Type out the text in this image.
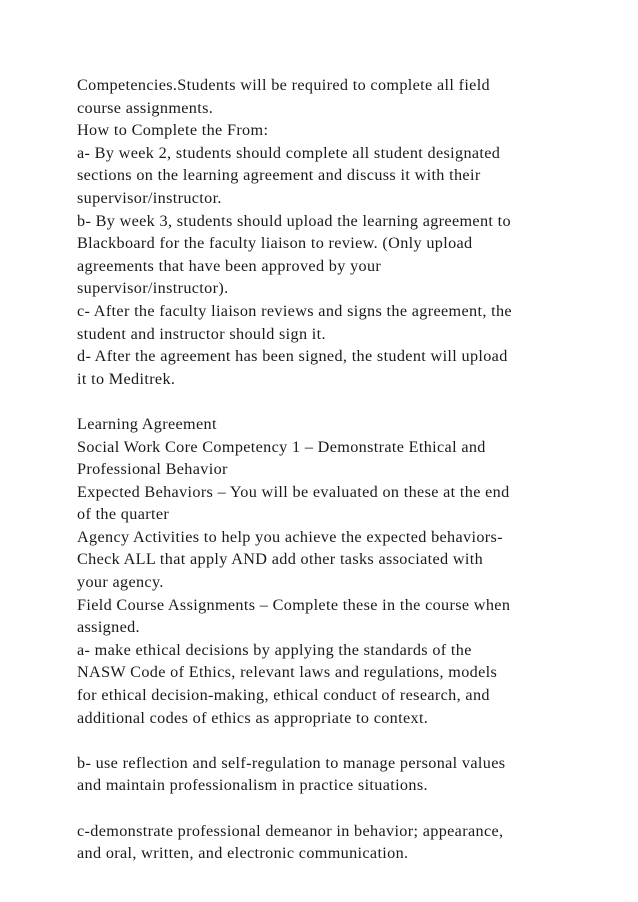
Competencies.Students will be required to complete all field
course assignments.
How to Complete the From:
a- By week 2, students should complete all student designated
sections on the learning agreement and discuss it with their
supervisor/instructor.
b- By week 3, students should upload the learning agreement to
Blackboard for the faculty liaison to review. (Only upload
agreements that have been approved by your
supervisor/instructor).
c- After the faculty liaison reviews and signs the agreement, the
student and instructor should sign it.
d- After the agreement has been signed, the student will upload
it to Meditrek.
Learning Agreement
Social Work Core Competency 1 – Demonstrate Ethical and
Professional Behavior
Expected Behaviors – You will be evaluated on these at the end
of the quarter
Agency Activities to help you achieve the expected behaviors-
Check ALL that apply AND add other tasks associated with
your agency.
Field Course Assignments – Complete these in the course when
assigned.
a- make ethical decisions by applying the standards of the
NASW Code of Ethics, relevant laws and regulations, models
for ethical decision-making, ethical conduct of research, and
additional codes of ethics as appropriate to context.
b- use reflection and self-regulation to manage personal values
and maintain professionalism in practice situations.
c-demonstrate professional demeanor in behavior; appearance,
and oral, written, and electronic communication.
